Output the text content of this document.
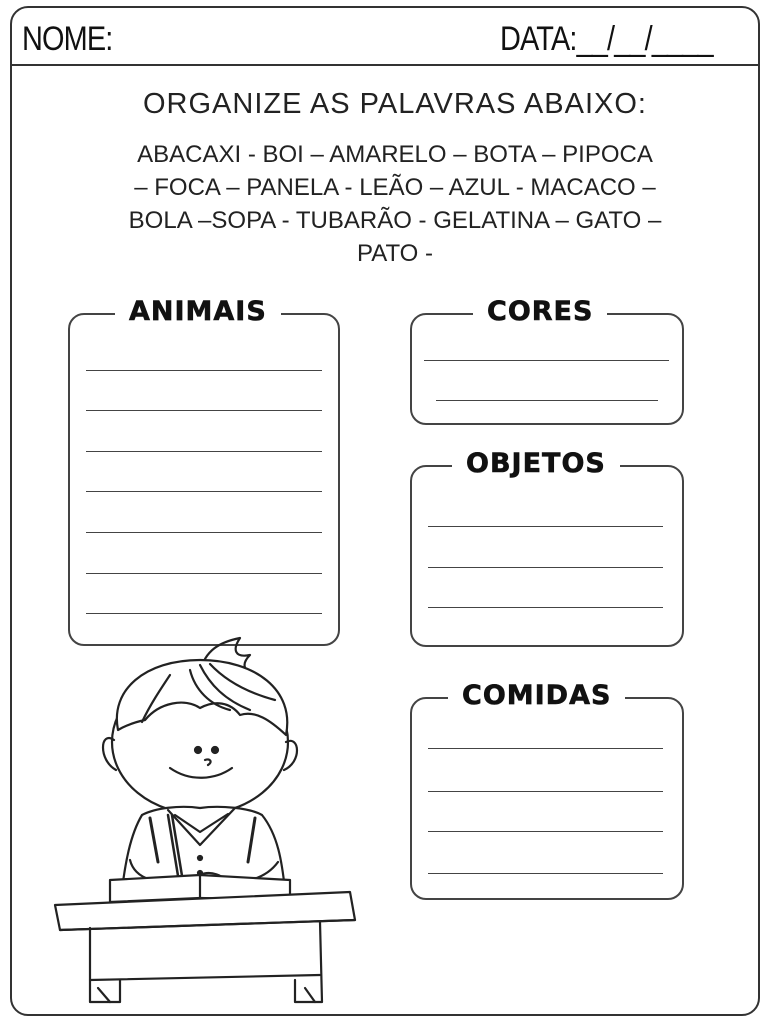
NOME:	DATA:__/__/____
ORGANIZE AS PALAVRAS ABAIXO:
ABACAXI - BOI – AMARELO – BOTA – PIPOCA
– FOCA – PANELA - LEÃO – AZUL - MACACO –
BOLA –SOPA - TUBARÃO - GELATINA – GATO –
PATO -
ANIMAIS	CORES
OBJETOS
COMIDAS
